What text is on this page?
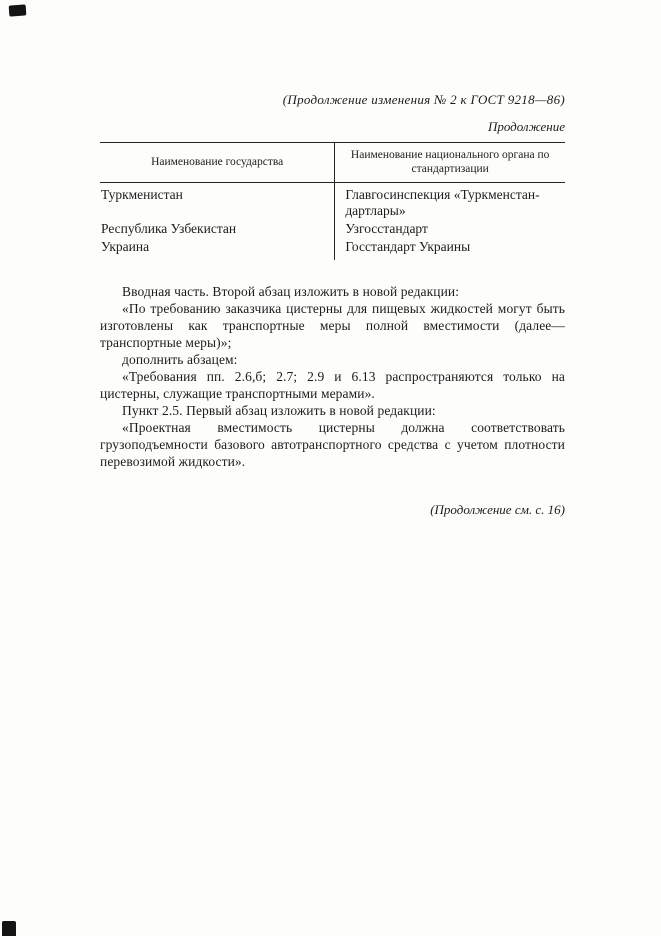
(Продолжение изменения № 2 к ГОСТ 9218—86)
Продолжение
Наименование государства	Наименование национального органа по стандартизации
Туркменистан	Главгосинспекция «Туркменстан-дартлары»
Республика Узбекистан	Узгосстандарт
Украина	Госстандарт Украины

Вводная часть. Второй абзац изложить в новой редакции:

«По требованию заказчика цистерны для пищевых жидкостей могут быть изготовлены как транспортные меры полной вместимости (далее— транспортные меры)»;

дополнить абзацем:

«Требования пп. 2.6,б; 2.7; 2.9 и 6.13 распространяются только на цистерны, служащие транспортными мерами».

Пункт 2.5. Первый абзац изложить в новой редакции:

«Проектная вместимость цистерны должна соответствовать грузоподъемности базового автотранспортного средства с учетом плотности перевозимой жидкости».

(Продолжение см. с. 16)
